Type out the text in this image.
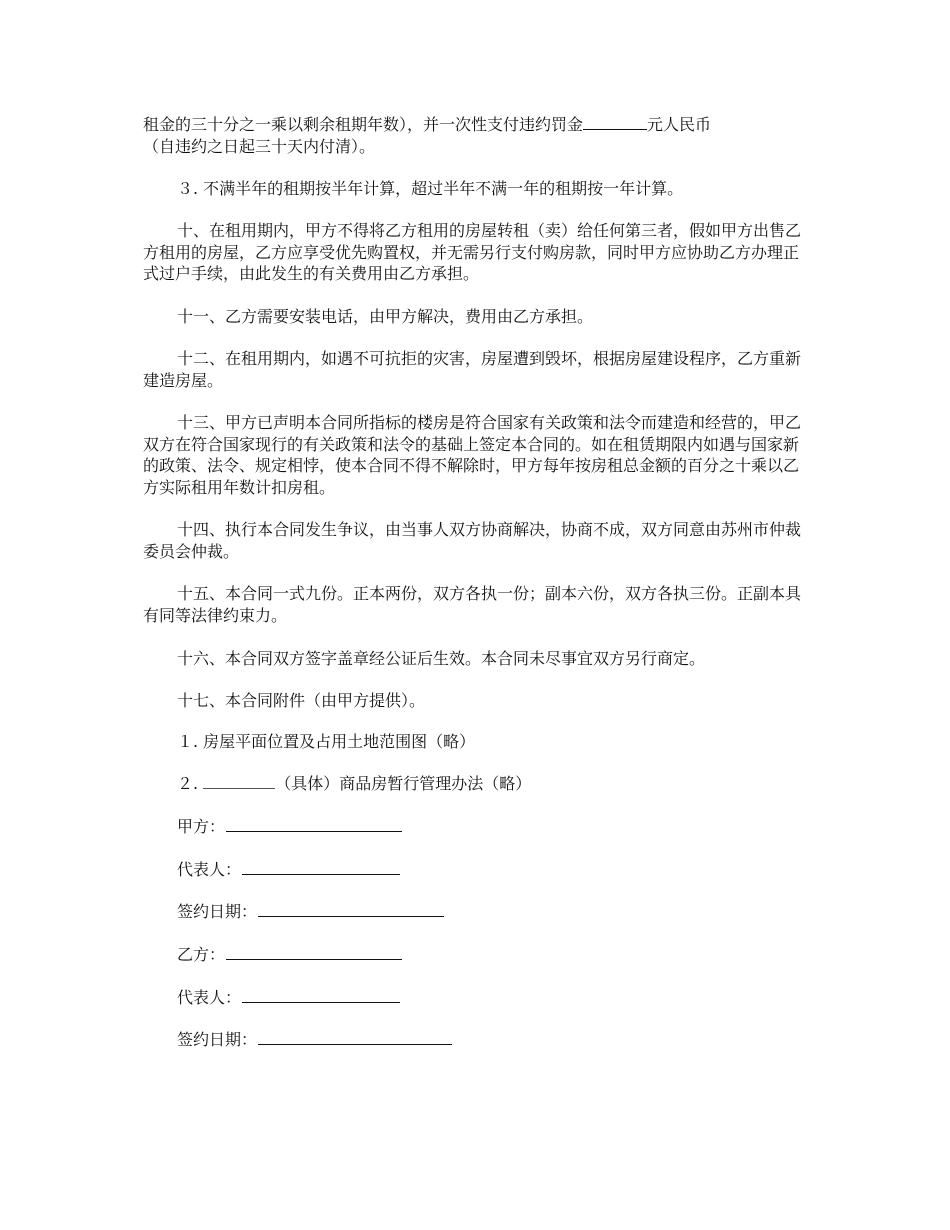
租金的三十分之一乘以剩余租期年数），并一次性支付违约罚金	元人民币

（自违约之日起三十天内付清）。

３. 不满半年的租期按半年计算，超过半年不满一年的租期按一年计算。

十、在租用期内，甲方不得将乙方租用的房屋转租（卖）给任何第三者，假如甲方出售乙方租用的房屋，乙方应享受优先购置权，并无需另行支付购房款，同时甲方应协助乙方办理正式过户手续，由此发生的有关费用由乙方承担。

十一、乙方需要安装电话，由甲方解决，费用由乙方承担。

十二、在租用期内，如遇不可抗拒的灾害，房屋遭到毁坏，根据房屋建设程序，乙方重新建造房屋。

十三、甲方已声明本合同所指标的楼房是符合国家有关政策和法令而建造和经营的，甲乙双方在符合国家现行的有关政策和法令的基础上签定本合同的。如在租赁期限内如遇与国家新的政策、法令、规定相悖，使本合同不得不解除时，甲方每年按房租总金额的百分之十乘以乙方实际租用年数计扣房租。

十四、执行本合同发生争议，由当事人双方协商解决，协商不成，双方同意由苏州市仲裁委员会仲裁。

十五、本合同一式九份。正本两份，双方各执一份；副本六份，双方各执三份。正副本具有同等法律约束力。

十六、本合同双方签字盖章经公证后生效。本合同未尽事宜双方另行商定。

十七、本合同附件（由甲方提供）。

１. 房屋平面位置及占用土地范围图（略）

２.	（具体）商品房暂行管理办法（略）

甲方：

代表人：

签约日期：

乙方：

代表人：

签约日期：
